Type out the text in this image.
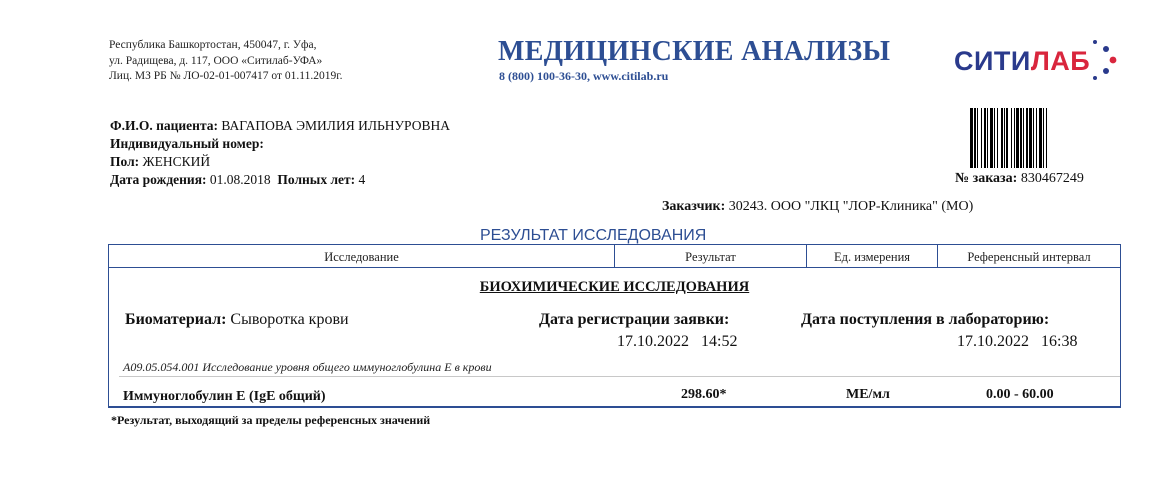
Республика Башкортостан, 450047, г. Уфа,
ул. Радищева, д. 117, ООО «Ситилаб-УФА»
Лиц. МЗ РБ № ЛО-02-01-007417 от 01.11.2019г.
МЕДИЦИНСКИЕ АНАЛИЗЫ
8 (800) 100-36-30, www.citilab.ru	СИТИЛАБ
Ф.И.О. пациента: ВАГАПОВА ЭМИЛИЯ ИЛЬНУРОВНА
Индивидуальный номер:
Пол: ЖЕНСКИЙ
Дата рождения: 01.08.2018 Полных лет: 4	№ заказа: 830467249
Заказчик: 30243. ООО "ЛКЦ "ЛОР-Клиника" (МО)
РЕЗУЛЬТАТ ИССЛЕДОВАНИЯ
Исследование	Результат	Ед. измерения	Референсный интервал
БИОХИМИЧЕСКИЕ ИССЛЕДОВАНИЯ
Биоматериал: Сыворотка крови	Дата регистрации заявки:
17.10.2022   14:52
Дата поступления в лабораторию:
17.10.2022   16:38
A09.05.054.001 Исследование уровня общего иммуноглобулина Е в крови
Иммуноглобулин E (IgE общий)	298.60*	МЕ/мл	0.00 - 60.00
*Результат, выходящий за пределы референсных значений
